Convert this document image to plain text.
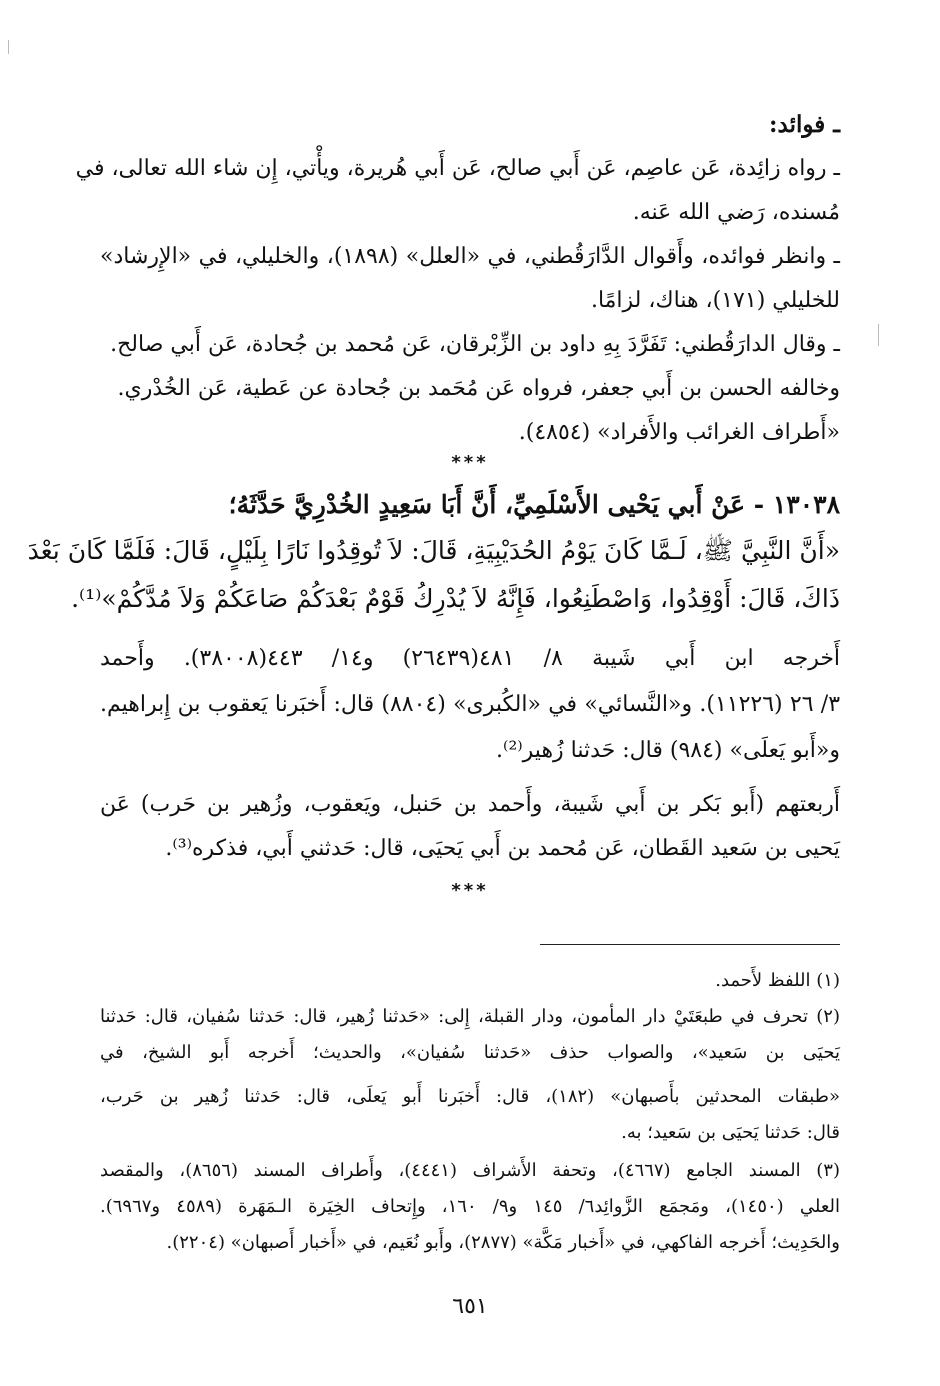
ـ فوائد:
ـ رواه زائِدة، عَن عاصِم، عَن أَبي صالح، عَن أَبي هُريرة، ويأْتي، إِن شاء الله تعالى، في
مُسنده، رَضي الله عَنه.
ـ وانظر فوائده، وأَقوال الدَّارَقُطني، في «العلل» (١٨٩٨)، والخليلي، في «الإِرشاد»
للخليلي (١٧١)، هناك، لزامًا.
ـ وقال الدارَقُطني: تَفَرَّدَ بِهِ داود بن الزِّبْرقان، عَن مُحمد بن جُحادة، عَن أَبي صالح.
وخالفه الحسن بن أَبي جعفر، فرواه عَن مُحَمد بن جُحادة عن عَطية، عَن الخُدْري.
«أَطراف الغرائب والأَفراد» (٤٨٥٤).
***
١٣٠٣٨ - عَنْ أَبي يَحْيى الأَسْلَمِيِّ، أَنَّ أَبَا سَعِيدٍ الخُدْرِيَّ حَدَّثَهُ؛
«أَنَّ النَّبِيَّ ﷺ، لَـمَّا كَانَ يَوْمُ الحُدَيْبِيَةِ، قَالَ: لاَ تُوقِدُوا نَارًا بِلَيْلٍ، قَالَ: فَلَمَّا كَانَ بَعْدَ
ذَاكَ، قَالَ: أَوْقِدُوا، وَاصْطَنِعُوا، فَإِنَّهُ لاَ يُدْرِكُ قَوْمٌ بَعْدَكُمْ صَاعَكُمْ وَلاَ مُدَّكُمْ»⁽¹⁾.
أَخرجه ابن أَبي شَيبة ٨/ ٤٨١(٢٦٤٣٩) و١٤/ ٤٤٣(٣٨٠٠٨). وأَحمد
٣/ ٢٦ (١١٢٢٦). و«النَّسائي» في «الكُبرى» (٨٨٠٤) قال: أَخبَرنا يَعقوب بن إِبراهيم.
و«أَبو يَعلَى» (٩٨٤) قال: حَدثنا زُهير⁽²⁾.
أَربعتهم (أَبو بَكر بن أَبي شَيبة، وأَحمد بن حَنبل، ويَعقوب، وزُهير بن حَرب) عَن
يَحيى بن سَعيد القَطان، عَن مُحمد بن أَبي يَحيَى، قال: حَدثني أَبي، فذكره⁽³⁾.
***
(١) اللفظ لأَحمد.
(٢) تحرف في طبعَتَيْ دار المأمون، ودار القبلة، إِلى: «حَدثنا زُهير، قال: حَدثنا سُفيان، قال: حَدثنا
يَحيَى بن سَعيد»، والصواب حذف «حَدثنا سُفيان»، والحديث؛ أَخرجه أَبو الشيخ، في
«طبقات المحدثين بأَصبهان» (١٨٢)، قال: أَخبَرنا أَبو يَعلَى، قال: حَدثنا زُهير بن حَرب،
قال: حَدثنا يَحيَى بن سَعيد؛ به.
(٣) المسند الجامع (٤٦٦٧)، وتحفة الأَشراف (٤٤٤١)، وأَطراف المسند (٨٦٥٦)، والمقصد
العلي (١٤٥٠)، ومَجمَع الزَّوائِد٦/ ١٤٥ و٩/ ١٦٠، وإِتحاف الخِيَرة الـمَهَرة (٤٥٨٩ و٦٩٦٧).
والحَدِيث؛ أَخرجه الفاكهي، في «أَخبار مَكَّة» (٢٨٧٧)، وأَبو نُعَيم، في «أَخبار أَصبهان» (٢٢٠٤).
٦٥١
